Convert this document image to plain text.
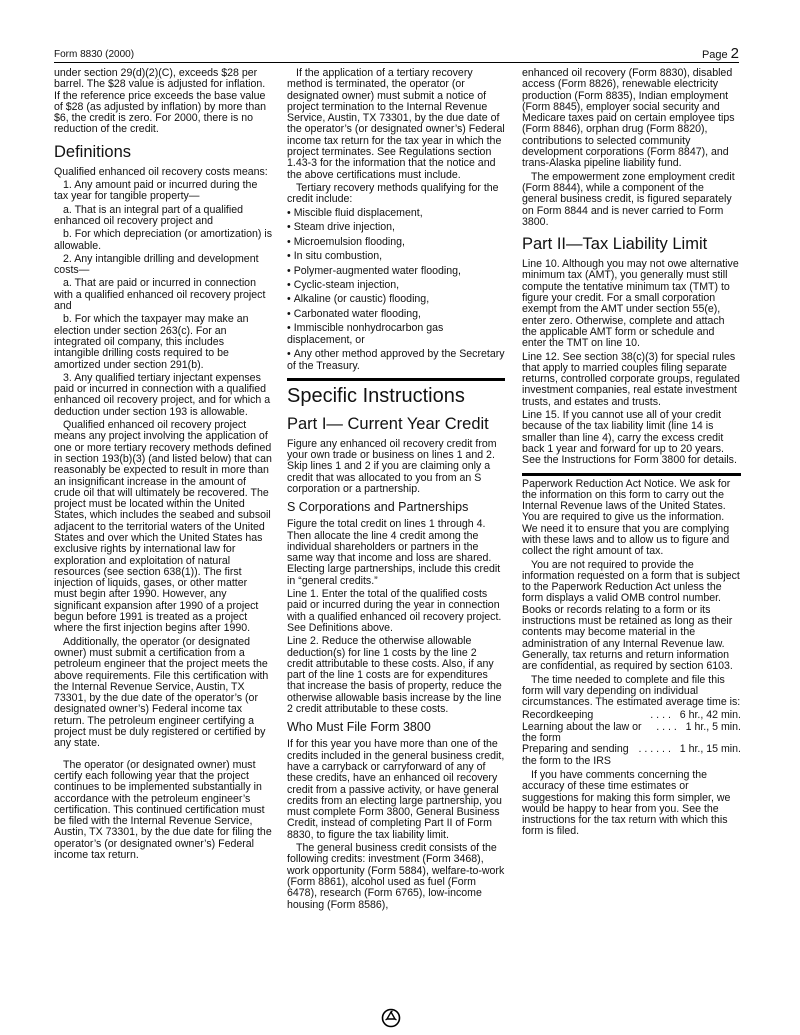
Form 8830 (2000)	Page 2

under section 29(d)(2)(C), exceeds $28 per barrel. The $28 value is adjusted for inflation. If the reference price exceeds the base value of $28 (as adjusted by inflation) by more than $6, the credit is zero. For 2000, there is no reduction of the credit.

Definitions

Qualified enhanced oil recovery costs means:

1. Any amount paid or incurred during the tax year for tangible property—

a. That is an integral part of a qualified enhanced oil recovery project and

b. For which depreciation (or amortization) is allowable.

2. Any intangible drilling and development costs—

a. That are paid or incurred in connection with a qualified enhanced oil recovery project and

b. For which the taxpayer may make an election under section 263(c). For an integrated oil company, this includes intangible drilling costs required to be amortized under section 291(b).

3. Any qualified tertiary injectant expenses paid or incurred in connection with a qualified enhanced oil recovery project, and for which a deduction under section 193 is allowable.

Qualified enhanced oil recovery project means any project involving the application of one or more tertiary recovery methods defined in section 193(b)(3) (and listed below) that can reasonably be expected to result in more than an insignificant increase in the amount of crude oil that will ultimately be recovered. The project must be located within the United States, which includes the seabed and subsoil adjacent to the territorial waters of the United States and over which the United States has exclusive rights by international law for exploration and exploitation of natural resources (see section 638(1)). The first injection of liquids, gases, or other matter must begin after 1990. However, any significant expansion after 1990 of a project begun before 1991 is treated as a project where the first injection begins after 1990.

Additionally, the operator (or designated owner) must submit a certification from a petroleum engineer that the project meets the above requirements. File this certification with the Internal Revenue Service, Austin, TX 73301, by the due date of the operator’s (or designated owner’s) Federal income tax return. The petroleum engineer certifying a project must be duly registered or certified by any state.

The operator (or designated owner) must certify each following year that the project continues to be implemented substantially in accordance with the petroleum engineer’s certification. This continued certification must be filed with the Internal Revenue Service, Austin, TX 73301, by the due date for filing the operator’s (or designated owner’s) Federal income tax return.

If the application of a tertiary recovery method is terminated, the operator (or designated owner) must submit a notice of project termination to the Internal Revenue Service, Austin, TX 73301, by the due date of the operator’s (or designated owner’s) Federal income tax return for the tax year in which the project terminates. See Regulations section 1.43-3 for the information that the notice and the above certifications must include.

Tertiary recovery methods qualifying for the credit include:

• Miscible fluid displacement,
• Steam drive injection,
• Microemulsion flooding,
• In situ combustion,
• Polymer-augmented water flooding,
• Cyclic-steam injection,
• Alkaline (or caustic) flooding,
• Carbonated water flooding,
• Immiscible nonhydrocarbon gas displacement, or
• Any other method approved by the Secretary of the Treasury.
Specific Instructions
Part I— Current Year Credit

Figure any enhanced oil recovery credit from your own trade or business on lines 1 and 2. Skip lines 1 and 2 if you are claiming only a credit that was allocated to you from an S corporation or a partnership.

S Corporations and Partnerships

Figure the total credit on lines 1 through 4. Then allocate the line 4 credit among the individual shareholders or partners in the same way that income and loss are shared. Electing large partnerships, include this credit in “general credits.”

Line 1. Enter the total of the qualified costs paid or incurred during the year in connection with a qualified enhanced oil recovery project. See Definitions above.

Line 2. Reduce the otherwise allowable deduction(s) for line 1 costs by the line 2 credit attributable to these costs. Also, if any part of the line 1 costs are for expenditures that increase the basis of property, reduce the otherwise allowable basis increase by the line 2 credit attributable to these costs.

Who Must File Form 3800

If for this year you have more than one of the credits included in the general business credit, have a carryback or carryforward of any of these credits, have an enhanced oil recovery credit from a passive activity, or have general credits from an electing large partnership, you must complete Form 3800, General Business Credit, instead of completing Part II of Form 8830, to figure the tax liability limit.

The general business credit consists of the following credits: investment (Form 3468), work opportunity (Form 5884), welfare-to-work (Form 8861), alcohol used as fuel (Form 6478), research (Form 6765), low-income housing (Form 8586),

enhanced oil recovery (Form 8830), disabled access (Form 8826), renewable electricity production (Form 8835), Indian employment (Form 8845), employer social security and Medicare taxes paid on certain employee tips (Form 8846), orphan drug (Form 8820), contributions to selected community development corporations (Form 8847), and trans-Alaska pipeline liability fund.

The empowerment zone employment credit (Form 8844), while a component of the general business credit, is figured separately on Form 8844 and is never carried to Form 3800.

Part II—Tax Liability Limit

Line 10. Although you may not owe alternative minimum tax (AMT), you generally must still compute the tentative minimum tax (TMT) to figure your credit. For a small corporation exempt from the AMT under section 55(e), enter zero. Otherwise, complete and attach the applicable AMT form or schedule and enter the TMT on line 10.

Line 12. See section 38(c)(3) for special rules that apply to married couples filing separate returns, controlled corporate groups, regulated investment companies, real estate investment trusts, and estates and trusts.

Line 15. If you cannot use all of your credit because of the tax liability limit (line 14 is smaller than line 4), carry the excess credit back 1 year and forward for up to 20 years. See the Instructions for Form 3800 for details.

Paperwork Reduction Act Notice. We ask for the information on this form to carry out the Internal Revenue laws of the United States. You are required to give us the information. We need it to ensure that you are complying with these laws and to allow us to figure and collect the right amount of tax.

You are not required to provide the information requested on a form that is subject to the Paperwork Reduction Act unless the form displays a valid OMB control number. Books or records relating to a form or its instructions must be retained as long as their contents may become material in the administration of any Internal Revenue law. Generally, tax returns and return information are confidential, as required by section 6103.

The time needed to complete and file this form will vary depending on individual circumstances. The estimated average time is:

Recordkeeping	. . . . 6 hr., 42 min.
Learning about the law or the form
. . . . 1 hr., 5 min.
Preparing and sending the form to the IRS
. . . . . . 1 hr., 15 min.

If you have comments concerning the accuracy of these time estimates or suggestions for making this form simpler, we would be happy to hear from you. See the instructions for the tax return with which this form is filed.
